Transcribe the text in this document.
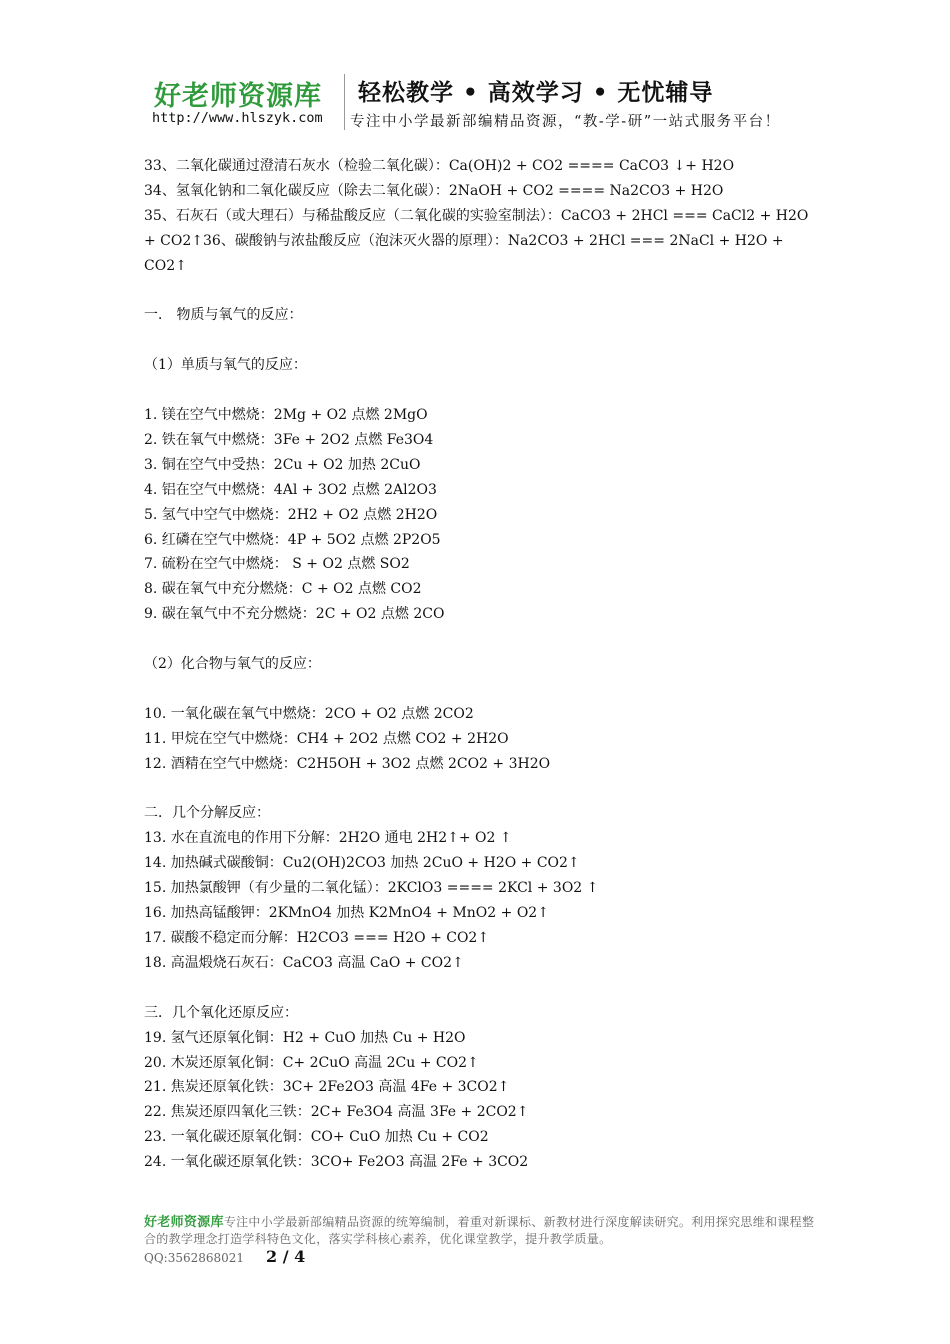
好老师资源库 轻松教学 • 高效学习 • 无忧辅导
http://www.hlszyk.com 专注中小学最新部编精品资源，“教-学-研”一站式服务平台！
33、二氧化碳通过澄清石灰水（检验二氧化碳）：Ca(OH)2 + CO2 ==== CaCO3 ↓+ H2O
34、氢氧化钠和二氧化碳反应（除去二氧化碳）：2NaOH + CO2 ==== Na2CO3 + H2O
35、石灰石（或大理石）与稀盐酸反应（二氧化碳的实验室制法）：CaCO3 + 2HCl === CaCl2 + H2O
+ CO2↑36、碳酸钠与浓盐酸反应（泡沫灭火器的原理）：Na2CO3 + 2HCl === 2NaCl + H2O +
CO2↑
一． 物质与氧气的反应：
（1）单质与氧气的反应：
1. 镁在空气中燃烧：2Mg + O2 点燃 2MgO
2. 铁在氧气中燃烧：3Fe + 2O2 点燃 Fe3O4
3. 铜在空气中受热：2Cu + O2 加热 2CuO
4. 铝在空气中燃烧：4Al + 3O2 点燃 2Al2O3
5. 氢气中空气中燃烧：2H2 + O2 点燃 2H2O
6. 红磷在空气中燃烧：4P + 5O2 点燃 2P2O5
7. 硫粉在空气中燃烧： S + O2 点燃 SO2
8. 碳在氧气中充分燃烧：C + O2 点燃 CO2
9. 碳在氧气中不充分燃烧：2C + O2 点燃 2CO
（2）化合物与氧气的反应：
10. 一氧化碳在氧气中燃烧：2CO + O2 点燃 2CO2
11. 甲烷在空气中燃烧：CH4 + 2O2 点燃 CO2 + 2H2O
12. 酒精在空气中燃烧：C2H5OH + 3O2 点燃 2CO2 + 3H2O
二．几个分解反应：
13. 水在直流电的作用下分解：2H2O 通电 2H2↑+ O2 ↑
14. 加热碱式碳酸铜：Cu2(OH)2CO3 加热 2CuO + H2O + CO2↑
15. 加热氯酸钾（有少量的二氧化锰）：2KClO3 ==== 2KCl + 3O2 ↑
16. 加热高锰酸钾：2KMnO4 加热 K2MnO4 + MnO2 + O2↑
17. 碳酸不稳定而分解：H2CO3 === H2O + CO2↑
18. 高温煅烧石灰石：CaCO3 高温 CaO + CO2↑
三．几个氧化还原反应：
19. 氢气还原氧化铜：H2 + CuO 加热 Cu + H2O
20. 木炭还原氧化铜：C+ 2CuO 高温 2Cu + CO2↑
21. 焦炭还原氧化铁：3C+ 2Fe2O3 高温 4Fe + 3CO2↑
22. 焦炭还原四氧化三铁：2C+ Fe3O4 高温 3Fe + 2CO2↑
23. 一氧化碳还原氧化铜：CO+ CuO 加热 Cu + CO2
24. 一氧化碳还原氧化铁：3CO+ Fe2O3 高温 2Fe + 3CO2
好老师资源库专注中小学最新部编精品资源的统筹编制，着重对新课标、新教材进行深度解读研究。利用探究思维和课程整合的教学理念打造学科特色文化，落实学科核心素养，优化课堂教学，提升教学质量。
QQ:3562868021 2 / 4
